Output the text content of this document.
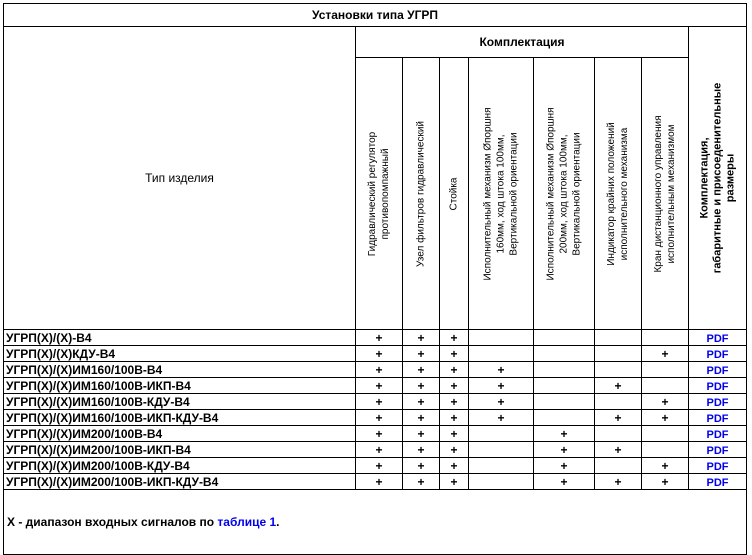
Установки типа УГРП								
Тип изделия	Комплектация							Комплектация,
габаритные и присоеденительные
размеры

	Гидравлический регулятор
противопомпажный	Узел фильтров гидравлический	Стойка	Исполнительный механизм Øпоршня
160мм, ход штока 100мм,
Вертикальной ориентации	Исполнительный механизм Øпоршня
200мм, ход штока 100мм,
Вертикальной ориентации	Индикатор крайних положений
исполнительного механизма	Кран дистанционного управления
исполнительным механизмом	

УГРП(Х)/(Х)-В4	+	+	+					PDF
УГРП(Х)/(Х)КДУ-В4	+	+	+				+	PDF
УГРП(Х)/(Х)ИМ160/100В-В4	+	+	+	+				PDF
УГРП(Х)/(Х)ИМ160/100В-ИКП-В4	+	+	+	+		+		PDF
УГРП(Х)/(Х)ИМ160/100В-КДУ-В4	+	+	+	+			+	PDF
УГРП(Х)/(Х)ИМ160/100В-ИКП-КДУ-В4	+	+	+	+		+	+	PDF
УГРП(Х)/(Х)ИМ200/100В-В4	+	+	+		+			PDF
УГРП(Х)/(Х)ИМ200/100В-ИКП-В4	+	+	+		+	+		PDF
УГРП(Х)/(Х)ИМ200/100В-КДУ-В4	+	+	+		+		+	PDF
УГРП(Х)/(Х)ИМ200/100В-ИКП-КДУ-В4	+	+	+		+	+	+	PDF
Х - диапазон входных сигналов по таблице 1.								
